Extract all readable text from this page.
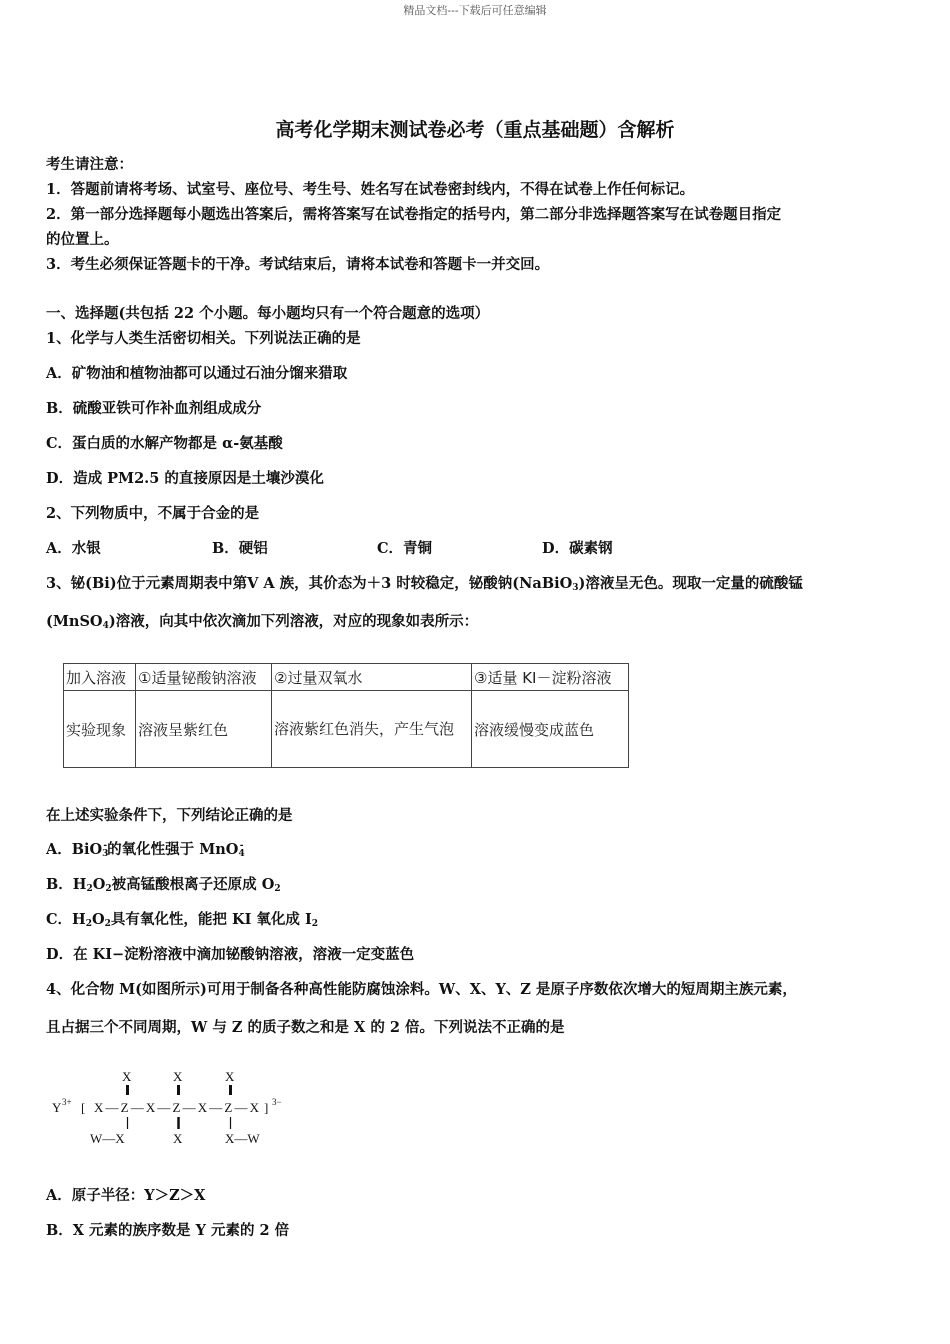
精品文档---下载后可任意编辑
高考化学期末测试卷必考（重点基础题）含解析
考生请注意：
1．答题前请将考场、试室号、座位号、考生号、姓名写在试卷密封线内，不得在试卷上作任何标记。
2．第一部分选择题每小题选出答案后，需将答案写在试卷指定的括号内，第二部分非选择题答案写在试卷题目指定
的位置上。
3．考生必须保证答题卡的干净。考试结束后，请将本试卷和答题卡一并交回。
一、选择题(共包括 22 个小题。每小题均只有一个符合题意的选项）
1、化学与人类生活密切相关。下列说法正确的是
A．矿物油和植物油都可以通过石油分馏来猎取
B．硫酸亚铁可作补血剂组成成分
C．蛋白质的水解产物都是 α-氨基酸
D．造成 PM2.5 的直接原因是土壤沙漠化
2、下列物质中，不属于合金的是
A．水银	B．硬铝	C．青铜	D．碳素钢
3、铋(Bi)位于元素周期表中第Ⅴ A 族，其价态为＋3 时较稳定，铋酸钠(NaBiO$_3$)溶液呈无色。现取一定量的硫酸锰
(MnSO$_4$)溶液，向其中依次滴加下列溶液，对应的现象如表所示：
加入溶液	①适量铋酸钠溶液	②过量双氧水	③适量 KI－淀粉溶液
实验现象	溶液呈紫红色	溶液紫红色消失，产生气泡	溶液缓慢变成蓝色
在上述实验条件下，下列结论正确的是
A．BiO$_3$-的氧化性强于 MnO$_4$-
B．$H_2O_2$被高锰酸根离子还原成 $O_2$
C．$H_2O_2$具有氧化性，能把 KI 氧化成 $I_2$
D．在 KI−淀粉溶液中滴加铋酸钠溶液，溶液一定变蓝色
4、化合物 M(如图所示)可用于制备各种高性能防腐蚀涂料。W、X、Y、Z 是原子序数依次增大的短周期主族元素，
且占据三个不同周期，W 与 Z 的质子数之和是 X 的 2 倍。下列说法不正确的是
X	X	X
Y 3+ [ X—Z—X—Z—X—Z—X ] 3−
W—X	X	X—W
A．原子半径：Y＞Z＞X
B．X 元素的族序数是 Y 元素的 2 倍
